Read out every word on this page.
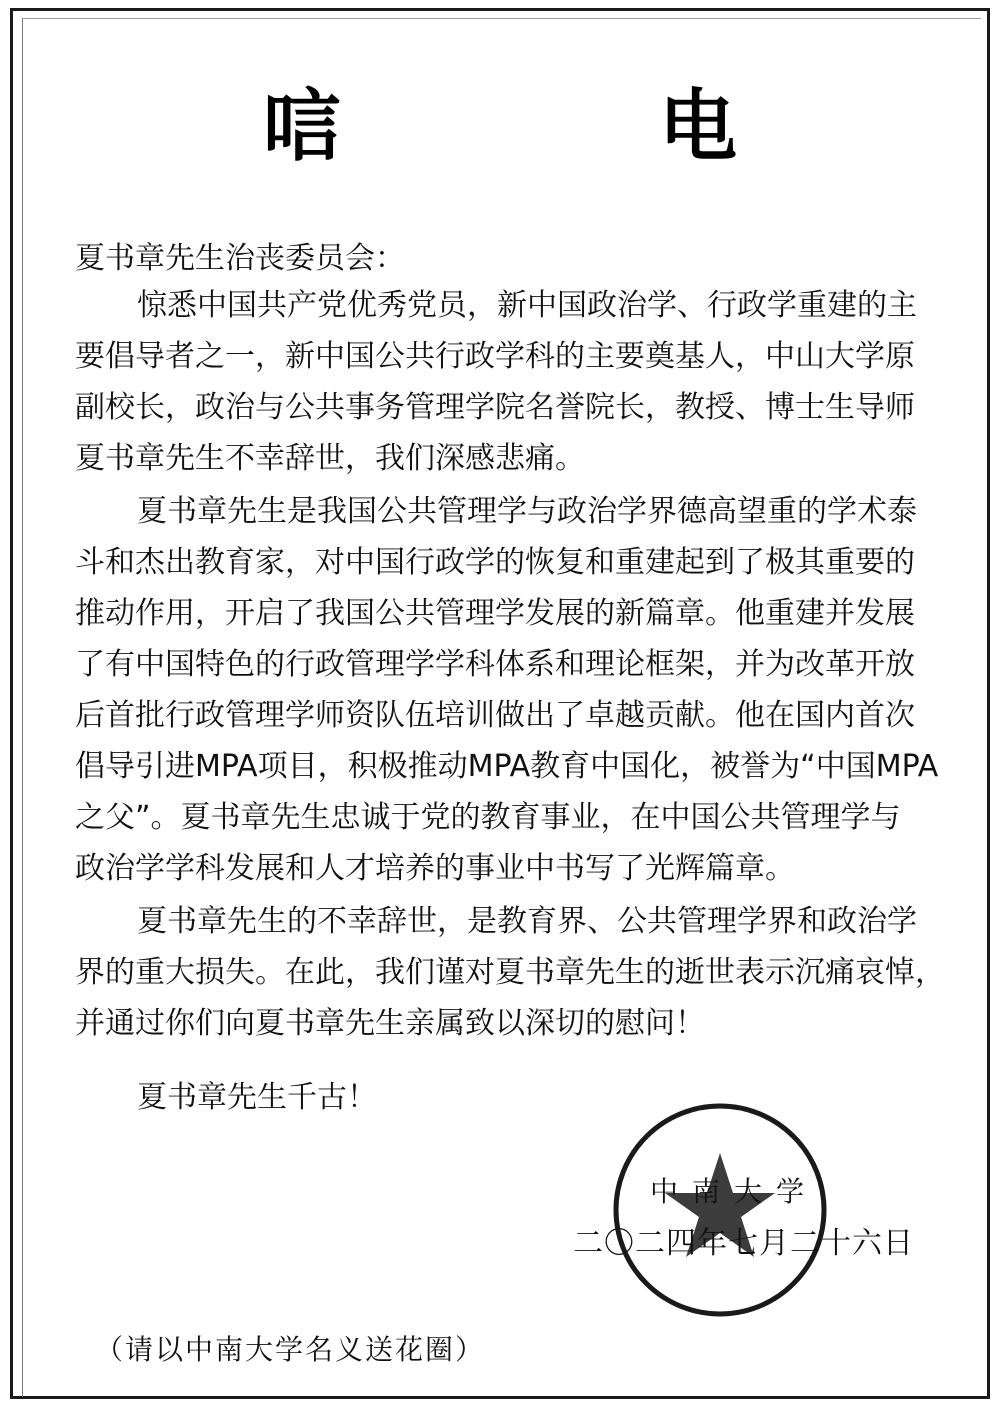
唁　电
夏书章先生治丧委员会：
惊悉中国共产党优秀党员，新中国政治学、行政学重建的主
要倡导者之一，新中国公共行政学科的主要奠基人，中山大学原
副校长，政治与公共事务管理学院名誉院长，教授、博士生导师
夏书章先生不幸辞世，我们深感悲痛。
夏书章先生是我国公共管理学与政治学界德高望重的学术泰
斗和杰出教育家，对中国行政学的恢复和重建起到了极其重要的
推动作用，开启了我国公共管理学发展的新篇章。他重建并发展
了有中国特色的行政管理学学科体系和理论框架，并为改革开放
后首批行政管理学师资队伍培训做出了卓越贡献。他在国内首次
倡导引进MPA项目，积极推动MPA教育中国化，被誉为“中国MPA
之父”。夏书章先生忠诚于党的教育事业，在中国公共管理学与
政治学学科发展和人才培养的事业中书写了光辉篇章。
夏书章先生的不幸辞世，是教育界、公共管理学界和政治学
界的重大损失。在此，我们谨对夏书章先生的逝世表示沉痛哀悼，
并通过你们向夏书章先生亲属致以深切的慰问！
夏书章先生千古！
中南大学
二〇二四年七月二十六日
（请以中南大学名义送花圈）
